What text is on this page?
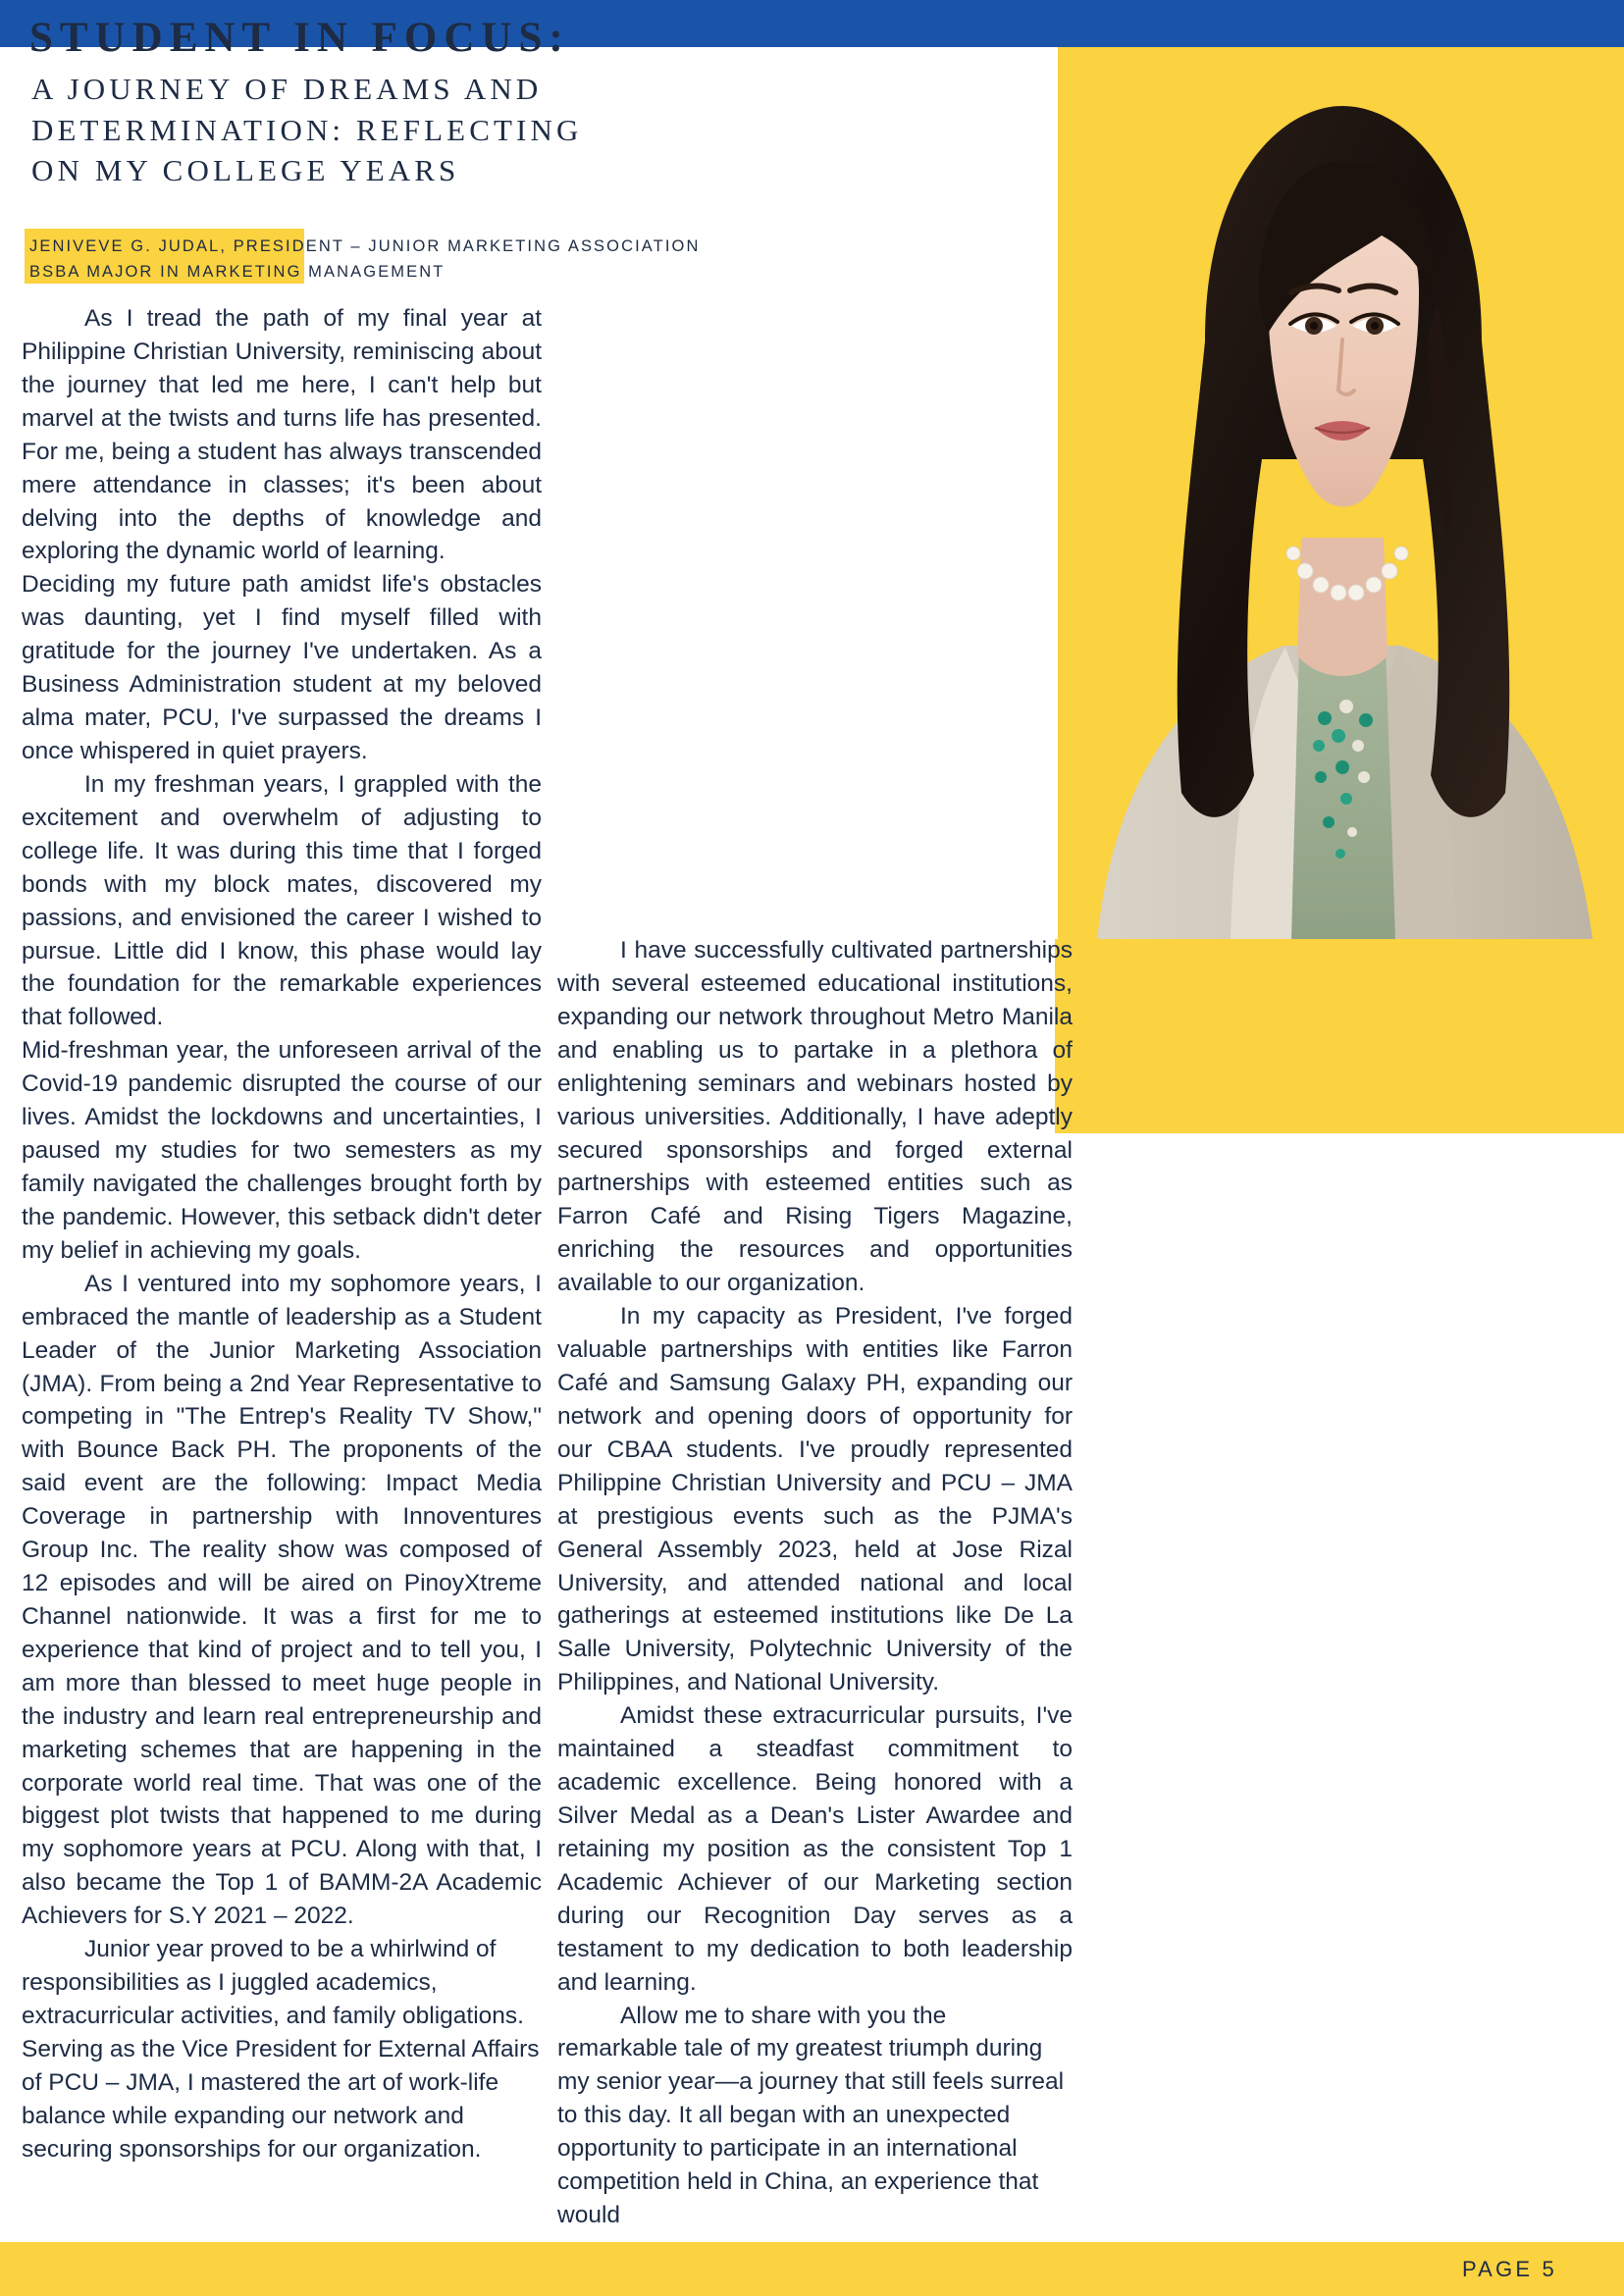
STUDENT IN FOCUS:
A JOURNEY OF DREAMS AND
DETERMINATION: REFLECTING
ON MY COLLEGE YEARS
JENIVEVE G. JUDAL, PRESIDENT – JUNIOR MARKETING ASSOCIATION
BSBA MAJOR IN MARKETING MANAGEMENT

As I tread the path of my final year at Philippine Christian University, reminiscing about the journey that led me here, I can't help but marvel at the twists and turns life has presented. For me, being a student has always transcended mere attendance in classes; it's been about delving into the depths of knowledge and exploring the dynamic world of learning.

Deciding my future path amidst life's obstacles was daunting, yet I find myself filled with gratitude for the journey I've undertaken. As a Business Administration student at my beloved alma mater, PCU, I've surpassed the dreams I once whispered in quiet prayers.

In my freshman years, I grappled with the excitement and overwhelm of adjusting to college life. It was during this time that I forged bonds with my block mates, discovered my passions, and envisioned the career I wished to pursue. Little did I know, this phase would lay the foundation for the remarkable experiences that followed.

Mid-freshman year, the unforeseen arrival of the Covid-19 pandemic disrupted the course of our lives. Amidst the lockdowns and uncertainties, I paused my studies for two semesters as my family navigated the challenges brought forth by the pandemic. However, this setback didn't deter my belief in achieving my goals.

As I ventured into my sophomore years, I embraced the mantle of leadership as a Student Leader of the Junior Marketing Association (JMA). From being a 2nd Year Representative to competing in "The Entrep's Reality TV Show," with Bounce Back PH. The proponents of the said event are the following: Impact Media Coverage in partnership with Innoventures Group Inc. The reality show was composed of 12 episodes and will be aired on PinoyXtreme Channel nationwide. It was a first for me to experience that kind of project and to tell you, I am more than blessed to meet huge people in the industry and learn real entrepreneurship and marketing schemes that are happening in the corporate world real time. That was one of the biggest plot twists that happened to me during my sophomore years at PCU. Along with that, I also became the Top 1 of BAMM-2A Academic Achievers for S.Y 2021 – 2022.

Junior year proved to be a whirlwind of responsibilities as I juggled academics, extracurricular activities, and family obligations. Serving as the Vice President for External Affairs of PCU – JMA, I mastered the art of work-life balance while expanding our network and securing sponsorships for our organization.

I have successfully cultivated partnerships with several esteemed educational institutions, expanding our network throughout Metro Manila and enabling us to partake in a plethora of enlightening seminars and webinars hosted by various universities. Additionally, I have adeptly secured sponsorships and forged external partnerships with esteemed entities such as Farron Café and Rising Tigers Magazine, enriching the resources and opportunities available to our organization.

In my capacity as President, I've forged valuable partnerships with entities like Farron Café and Samsung Galaxy PH, expanding our network and opening doors of opportunity for our CBAA students. I've proudly represented Philippine Christian University and PCU – JMA at prestigious events such as the PJMA's General Assembly 2023, held at Jose Rizal University, and attended national and local gatherings at esteemed institutions like De La Salle University, Polytechnic University of the Philippines, and National University.

Amidst these extracurricular pursuits, I've maintained a steadfast commitment to academic excellence. Being honored with a Silver Medal as a Dean's Lister Awardee and retaining my position as the consistent Top 1 Academic Achiever of our Marketing section during our Recognition Day serves as a testament to my dedication to both leadership and learning.

Allow me to share with you the remarkable tale of my greatest triumph during my senior year—a journey that still feels surreal to this day. It all began with an unexpected opportunity to participate in an international competition held in China, an experience that would

PAGE 5
